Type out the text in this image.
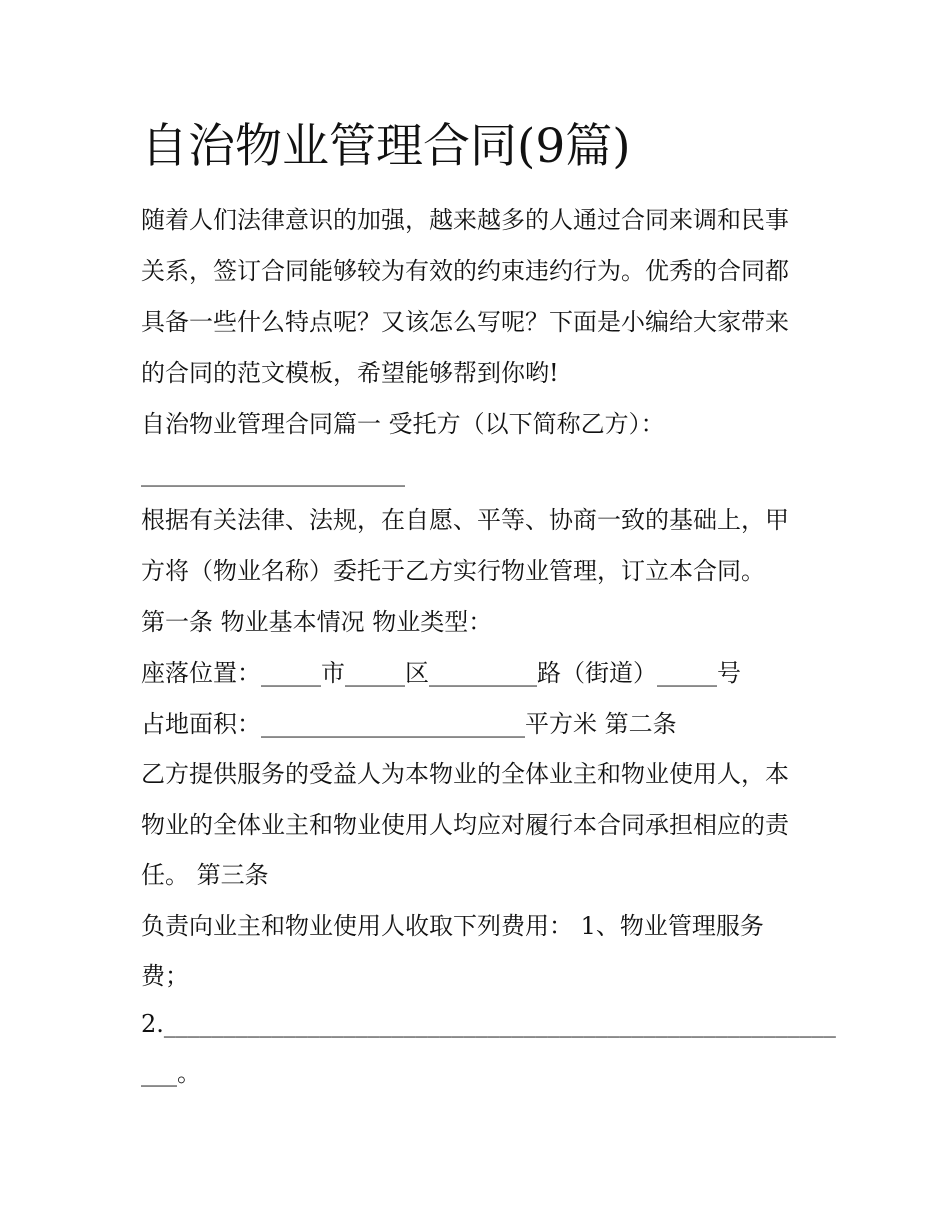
自治物业管理合同(9篇)
随着人们法律意识的加强，越来越多的人通过合同来调和民事
关系，签订合同能够较为有效的约束违约行为。优秀的合同都
具备一些什么特点呢？又该怎么写呢？下面是小编给大家带来
的合同的范文模板，希望能够帮到你哟!
自治物业管理合同篇一 受托方（以下简称乙方）：
______________________
根据有关法律、法规，在自愿、平等、协商一致的基础上，甲
方将（物业名称）委托于乙方实行物业管理，订立本合同。
第一条 物业基本情况 物业类型：
座落位置：_____市_____区_________路（街道）_____号
占地面积：______________________平方米 第二条
乙方提供服务的受益人为本物业的全体业主和物业使用人，本
物业的全体业主和物业使用人均应对履行本合同承担相应的责
任。 第三条
负责向业主和物业使用人收取下列费用： 1、物业管理服务
费；
2.________________________________________________________
___。
